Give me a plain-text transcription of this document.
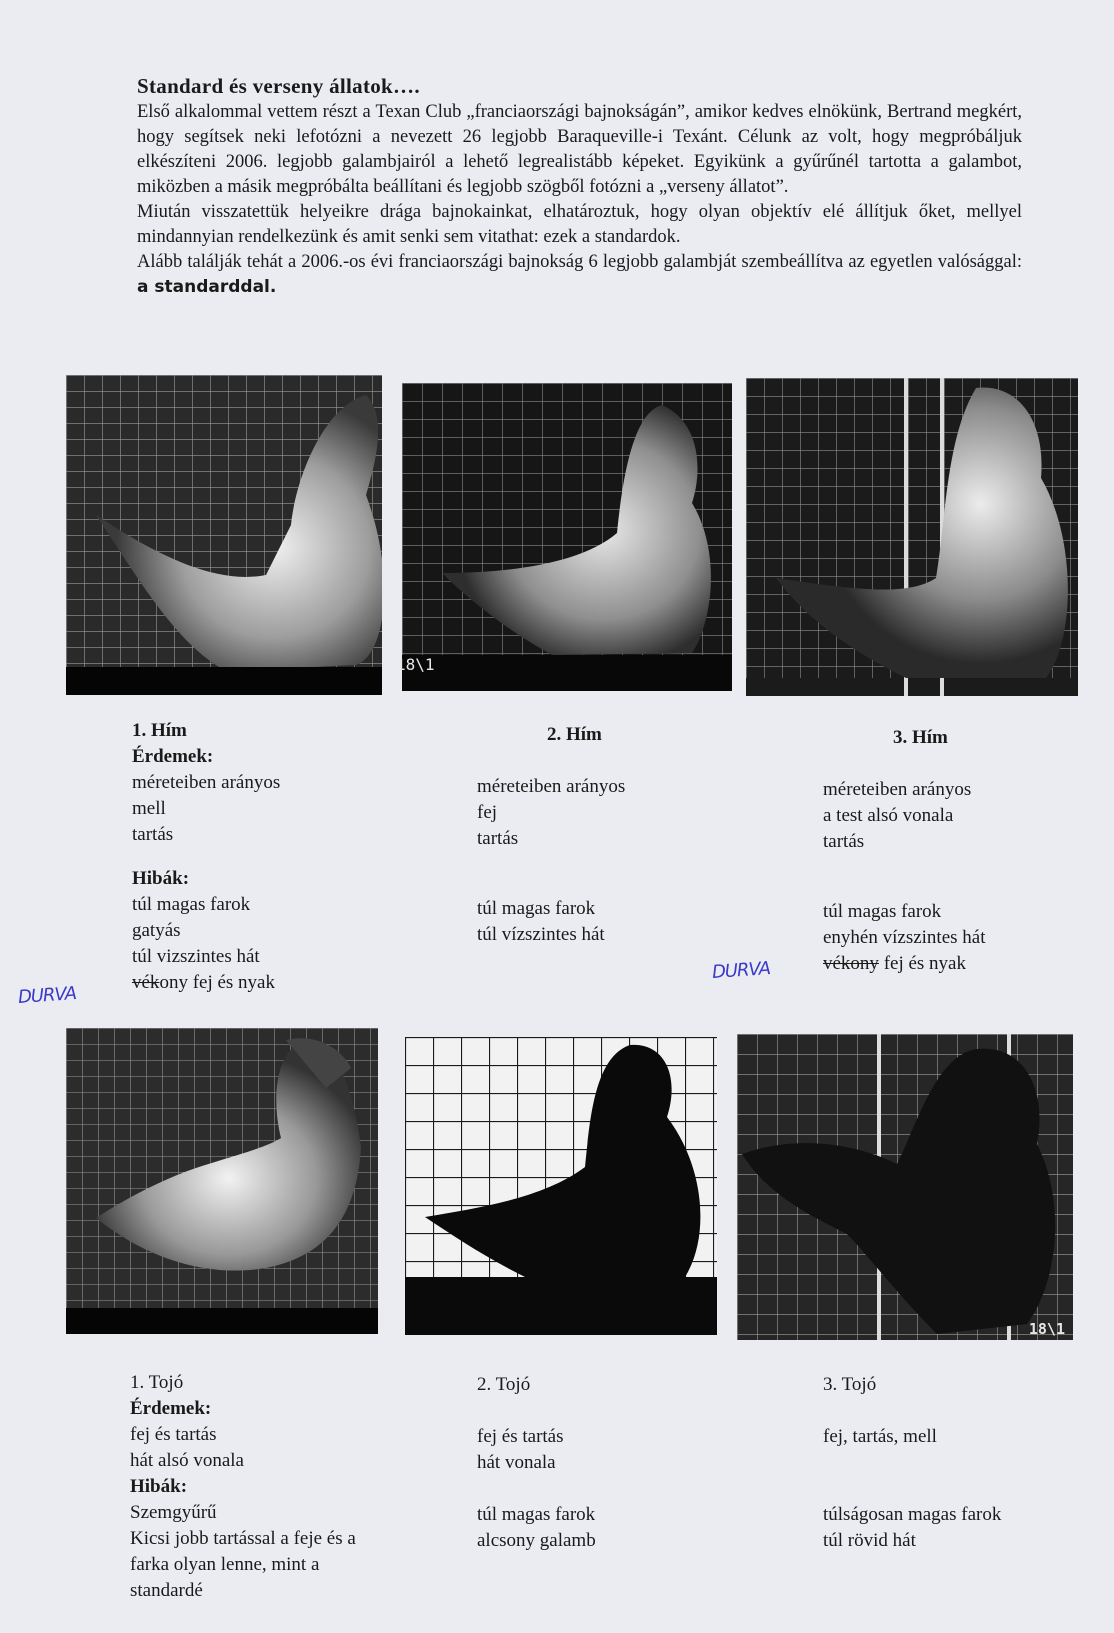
Standard és verseny állatok….

Első alkalommal vettem részt a Texan Club „franciaországi bajnokságán”, amikor kedves elnökünk, Bertrand megkért, hogy segítsek neki lefotózni a nevezett 26 legjobb Baraqueville-i Texánt. Célunk az volt, hogy megpróbáljuk elkészíteni 2006. legjobb galambjairól a lehető legrealistább képeket. Egyikünk a gyűrűnél tartotta a galambot, miközben a másik megpróbálta beállítani és legjobb szögből fotózni a „verseny állatot”.

Miután visszatettük helyeikre drága bajnokainkat, elhatároztuk, hogy olyan objektív elé állítjuk őket, mellyel mindannyian rendelkezünk és amit senki sem vitathat: ezek a standardok.

Alább találják tehát a 2006.-os évi franciaországi bajnokság 6 legjobb galambját szembeállítva az egyetlen valósággal: a standarddal.

1. Hím
Érdemek:
méreteiben arányos
mell
tartás
Hibák:
túl magas farok
gatyás
túl vizszintes hát
vékony fej és nyak
DURVA
2. Hím
méreteiben arányos
fej
tartás
túl magas farok
túl vízszintes hát
3. Hím
méreteiben arányos
a test alsó vonala
tartás
túl magas farok
enyhén vízszintes hát
vékony fej és nyak
DURVA
18\1
18\1
1. Tojó
Érdemek:
fej és tartás
hát alsó vonala
Hibák:
Szemgyűrű
Kicsi jobb tartással a feje és a
farka olyan lenne, mint a
standardé
2. Tojó
fej és tartás
hát vonala
túl magas farok
alcsony galamb
3. Tojó
fej, tartás, mell
túlságosan magas farok
túl rövid hát
